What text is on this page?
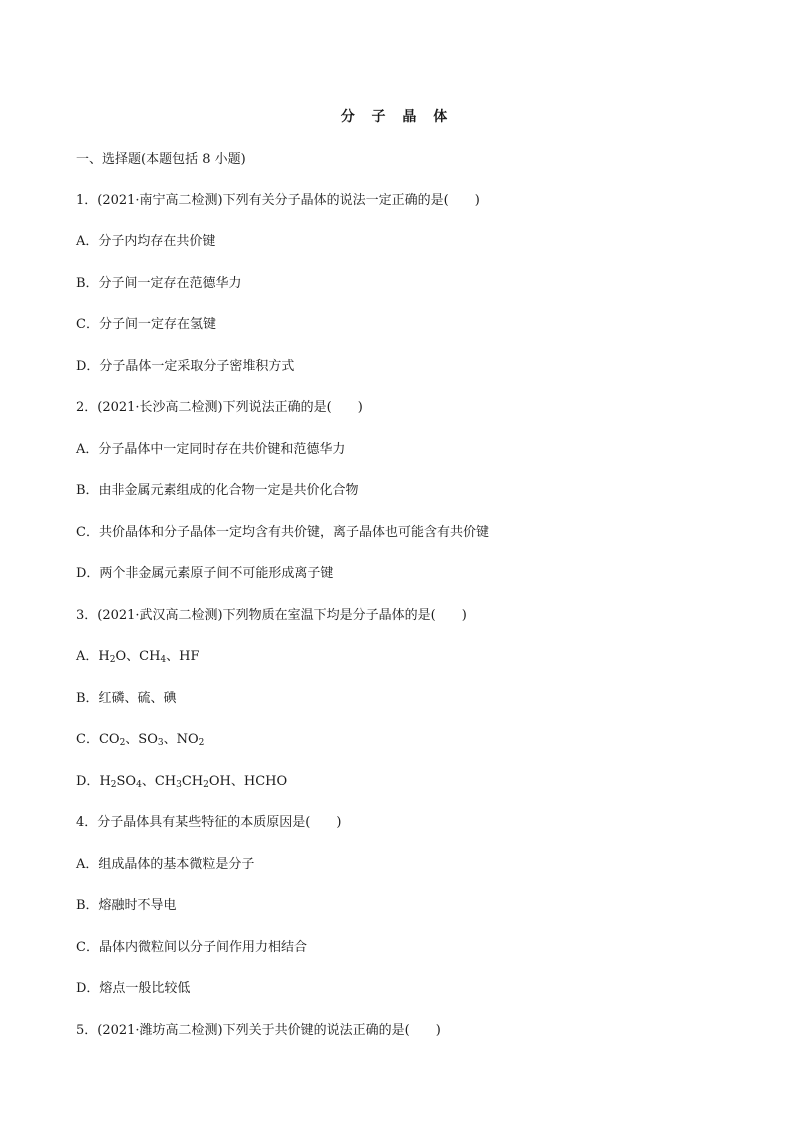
分 子 晶 体
一、选择题(本题包括 8 小题)
1．(2021·南宁高二检测)下列有关分子晶体的说法一定正确的是(　　)
A．分子内均存在共价键
B．分子间一定存在范德华力
C．分子间一定存在氢键
D．分子晶体一定采取分子密堆积方式
2．(2021·长沙高二检测)下列说法正确的是(　　)
A．分子晶体中一定同时存在共价键和范德华力
B．由非金属元素组成的化合物一定是共价化合物
C．共价晶体和分子晶体一定均含有共价键，离子晶体也可能含有共价键
D．两个非金属元素原子间不可能形成离子键
3．(2021·武汉高二检测)下列物质在室温下均是分子晶体的是(　　)
A．$H_2O$、$CH_4$、HF
B．红磷、硫、碘
C．$CO_2$、$SO_3$、$NO_2$
D．$H_2SO_4$、$CH_3CH_2OH$、HCHO
4．分子晶体具有某些特征的本质原因是(　　)
A．组成晶体的基本微粒是分子
B．熔融时不导电
C．晶体内微粒间以分子间作用力相结合
D．熔点一般比较低
5．(2021·潍坊高二检测)下列关于共价键的说法正确的是(　　)
